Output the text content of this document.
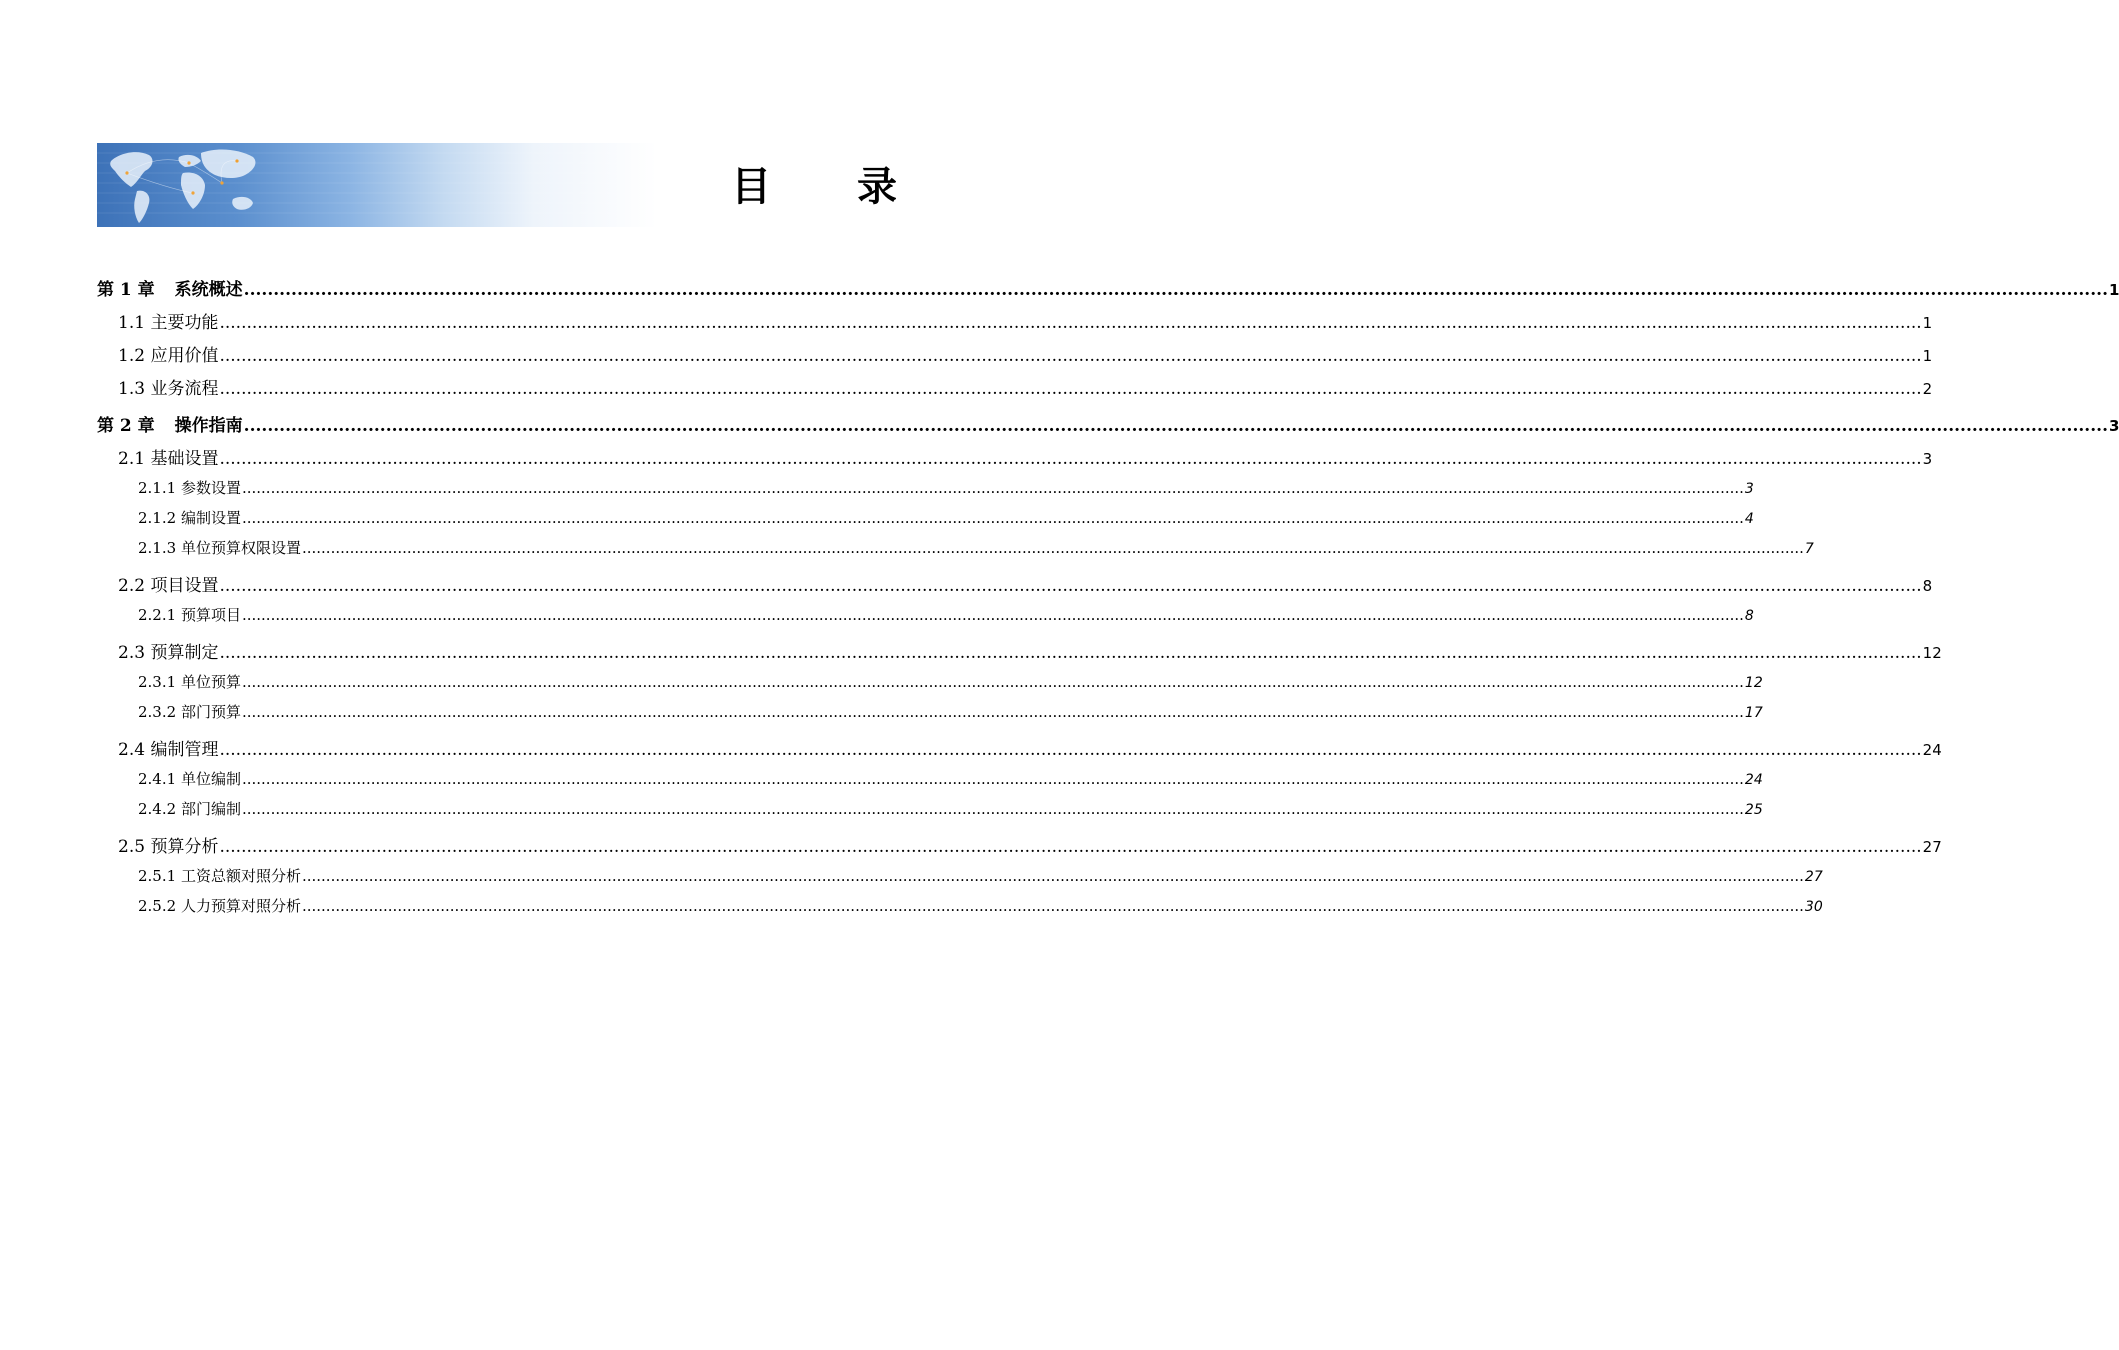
目 录
第 1 章 系统概述 .....	1
1.1 主要功能 .....	1
1.2 应用价值 .....	1
1.3 业务流程 .....	2
第 2 章 操作指南 .....	3
2.1 基础设置 .....	3
2.1.1 参数设置 .....	3
2.1.2 编制设置 .....	4
2.1.3 单位预算权限设置 .....	7
2.2 项目设置 .....	8
2.2.1 预算项目 .....	8
2.3 预算制定 .....	12
2.3.1 单位预算 .....	12
2.3.2 部门预算 .....	17
2.4 编制管理 .....	24
2.4.1 单位编制 .....	24
2.4.2 部门编制 .....	25
2.5 预算分析 .....	27
2.5.1 工资总额对照分析 .....	27
2.5.2 人力预算对照分析 .....	30
